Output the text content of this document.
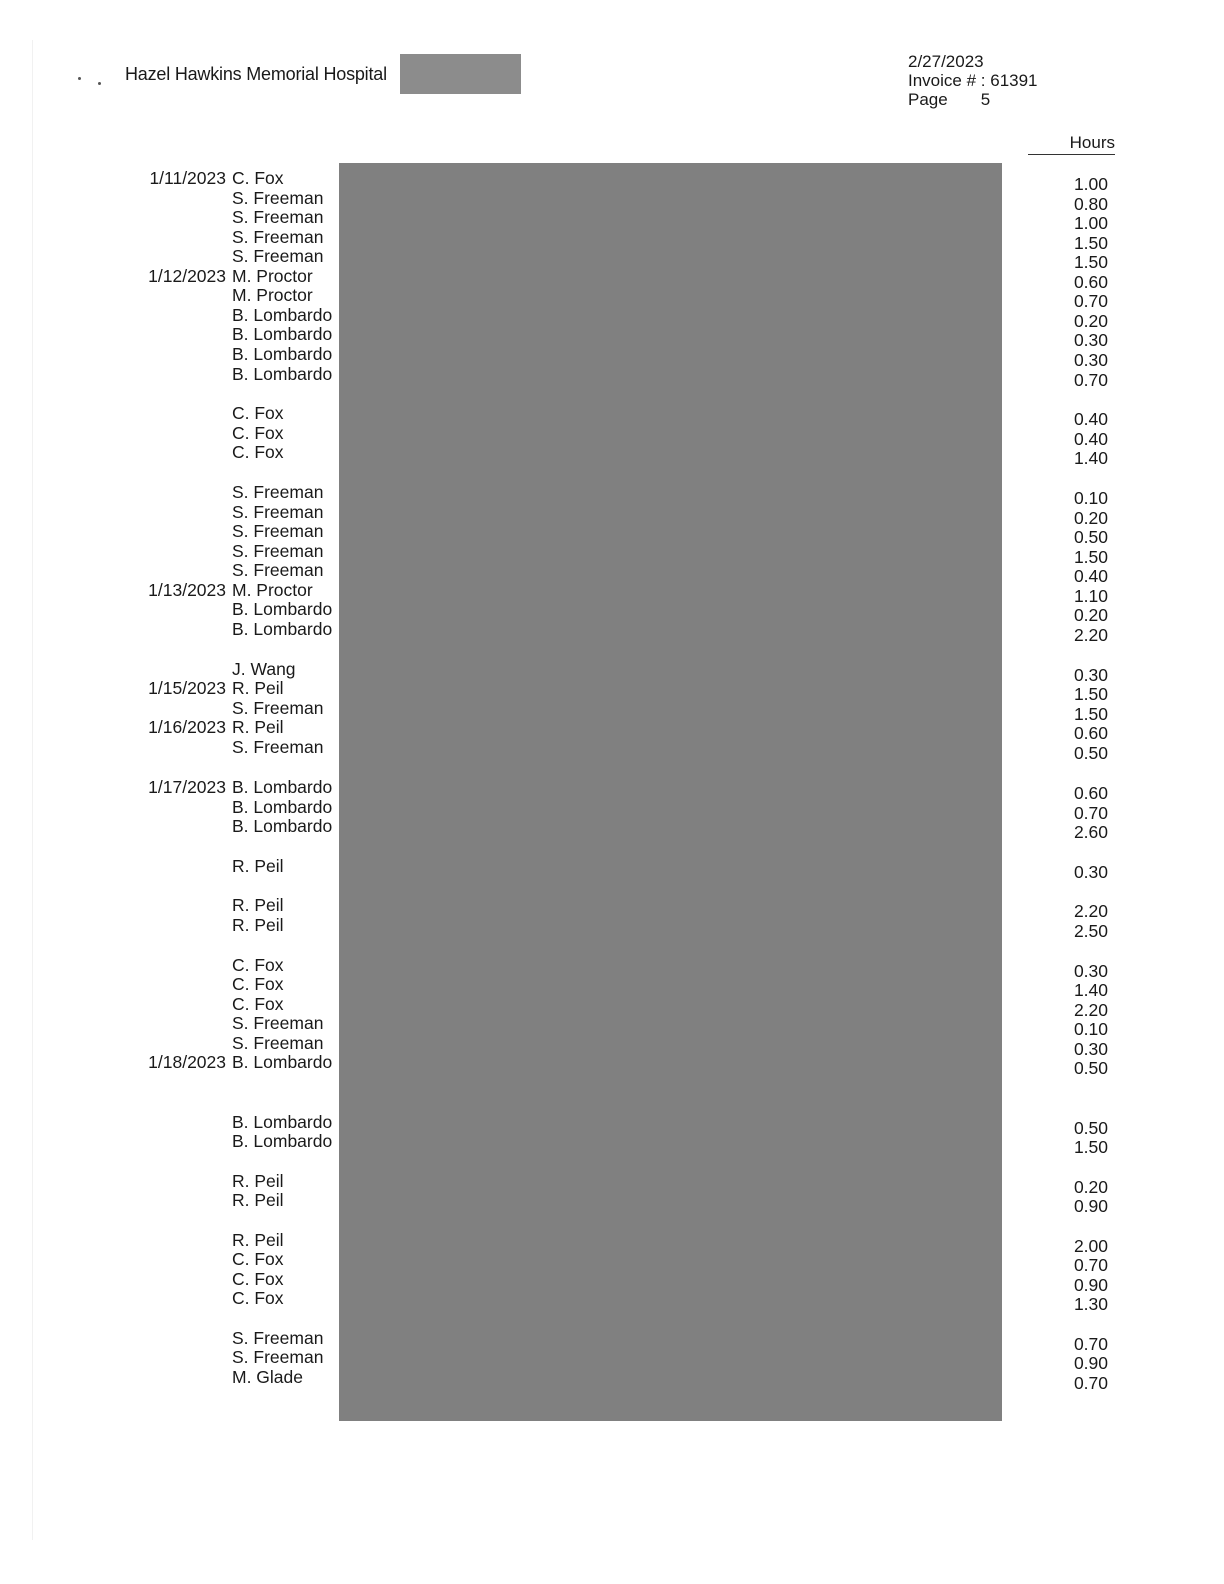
Hazel Hawkins Memorial Hospital
2/27/2023
Invoice # : 61391
Page 5
Hours
1/11/2023 C. Fox	1.00
S. Freeman	0.80
S. Freeman	1.00
S. Freeman	1.50
S. Freeman	1.50
1/12/2023 M. Proctor	0.60
M. Proctor	0.70
B. Lombardo	0.20
B. Lombardo	0.30
B. Lombardo	0.30
B. Lombardo	0.70
C. Fox	0.40
C. Fox	0.40
C. Fox	1.40
S. Freeman	0.10
S. Freeman	0.20
S. Freeman	0.50
S. Freeman	1.50
S. Freeman	0.40
1/13/2023 M. Proctor	1.10
B. Lombardo	0.20
B. Lombardo	2.20
J. Wang	0.30
1/15/2023 R. Peil	1.50
S. Freeman	1.50
1/16/2023 R. Peil	0.60
S. Freeman	0.50
1/17/2023 B. Lombardo	0.60
B. Lombardo	0.70
B. Lombardo	2.60
R. Peil	0.30
R. Peil	2.20
R. Peil	2.50
C. Fox	0.30
C. Fox	1.40
C. Fox	2.20
S. Freeman	0.10
S. Freeman	0.30
1/18/2023 B. Lombardo	0.50
B. Lombardo	0.50
B. Lombardo	1.50
R. Peil	0.20
R. Peil	0.90
R. Peil	2.00
C. Fox	0.70
C. Fox	0.90
C. Fox	1.30
S. Freeman	0.70
S. Freeman	0.90
M. Glade	0.70
